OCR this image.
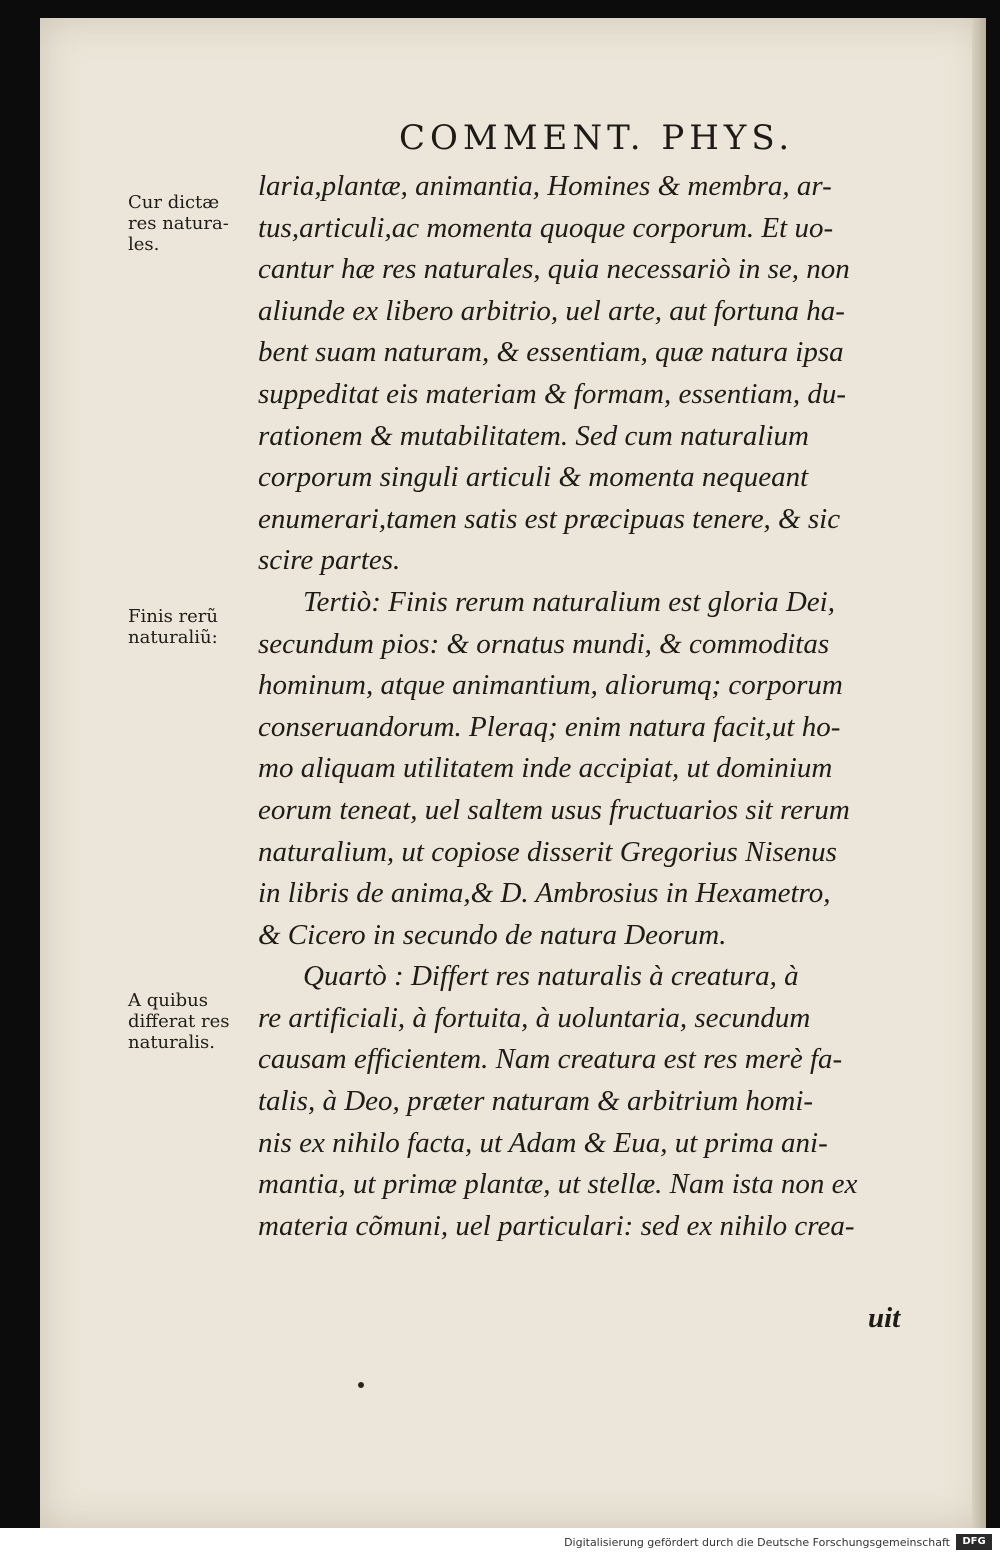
COMMENT. PHYS.
laria,plantæ, animantia, Homines & membra, ar-
tus,articuli,ac momenta quoque corporum. Et uo-
cantur hæ res naturales, quia necessariò in se, non
aliunde ex libero arbitrio, uel arte, aut fortuna ha-
bent suam naturam, & essentiam, quæ natura ipsa
suppeditat eis materiam & formam, essentiam, du-
rationem & mutabilitatem. Sed cum naturalium
corporum singuli articuli & momenta nequeant
enumerari,tamen satis est præcipuas tenere, & sic
scire partes.
Tertiò: Finis rerum naturalium est gloria Dei,
secundum pios: & ornatus mundi, & commoditas
hominum, atque animantium, aliorumq; corporum
conseruandorum. Pleraq; enim natura facit,ut ho-
mo aliquam utilitatem inde accipiat, ut dominium
eorum teneat, uel saltem usus fructuarios sit rerum
naturalium, ut copiose disserit Gregorius Nisenus
in libris de anima,& D. Ambrosius in Hexametro,
& Cicero in secundo de natura Deorum.
Quartò : Differt res naturalis à creatura, à
re artificiali, à fortuita, à uoluntaria, secundum
causam efficientem. Nam creatura est res merè fa-
talis, à Deo, præter naturam & arbitrium homi-
nis ex nihilo facta, ut Adam & Eua, ut prima ani-
mantia, ut primæ plantæ, ut stellæ. Nam ista non ex
materia cõmuni, uel particulari: sed ex nihilo crea-
Cur dictæ
res natura-
les.
Finis rerũ
naturaliũ:
A quibus
differat res
naturalis.
uit
Digitalisierung gefördert durch die Deutsche Forschungsgemeinschaft	DFG
